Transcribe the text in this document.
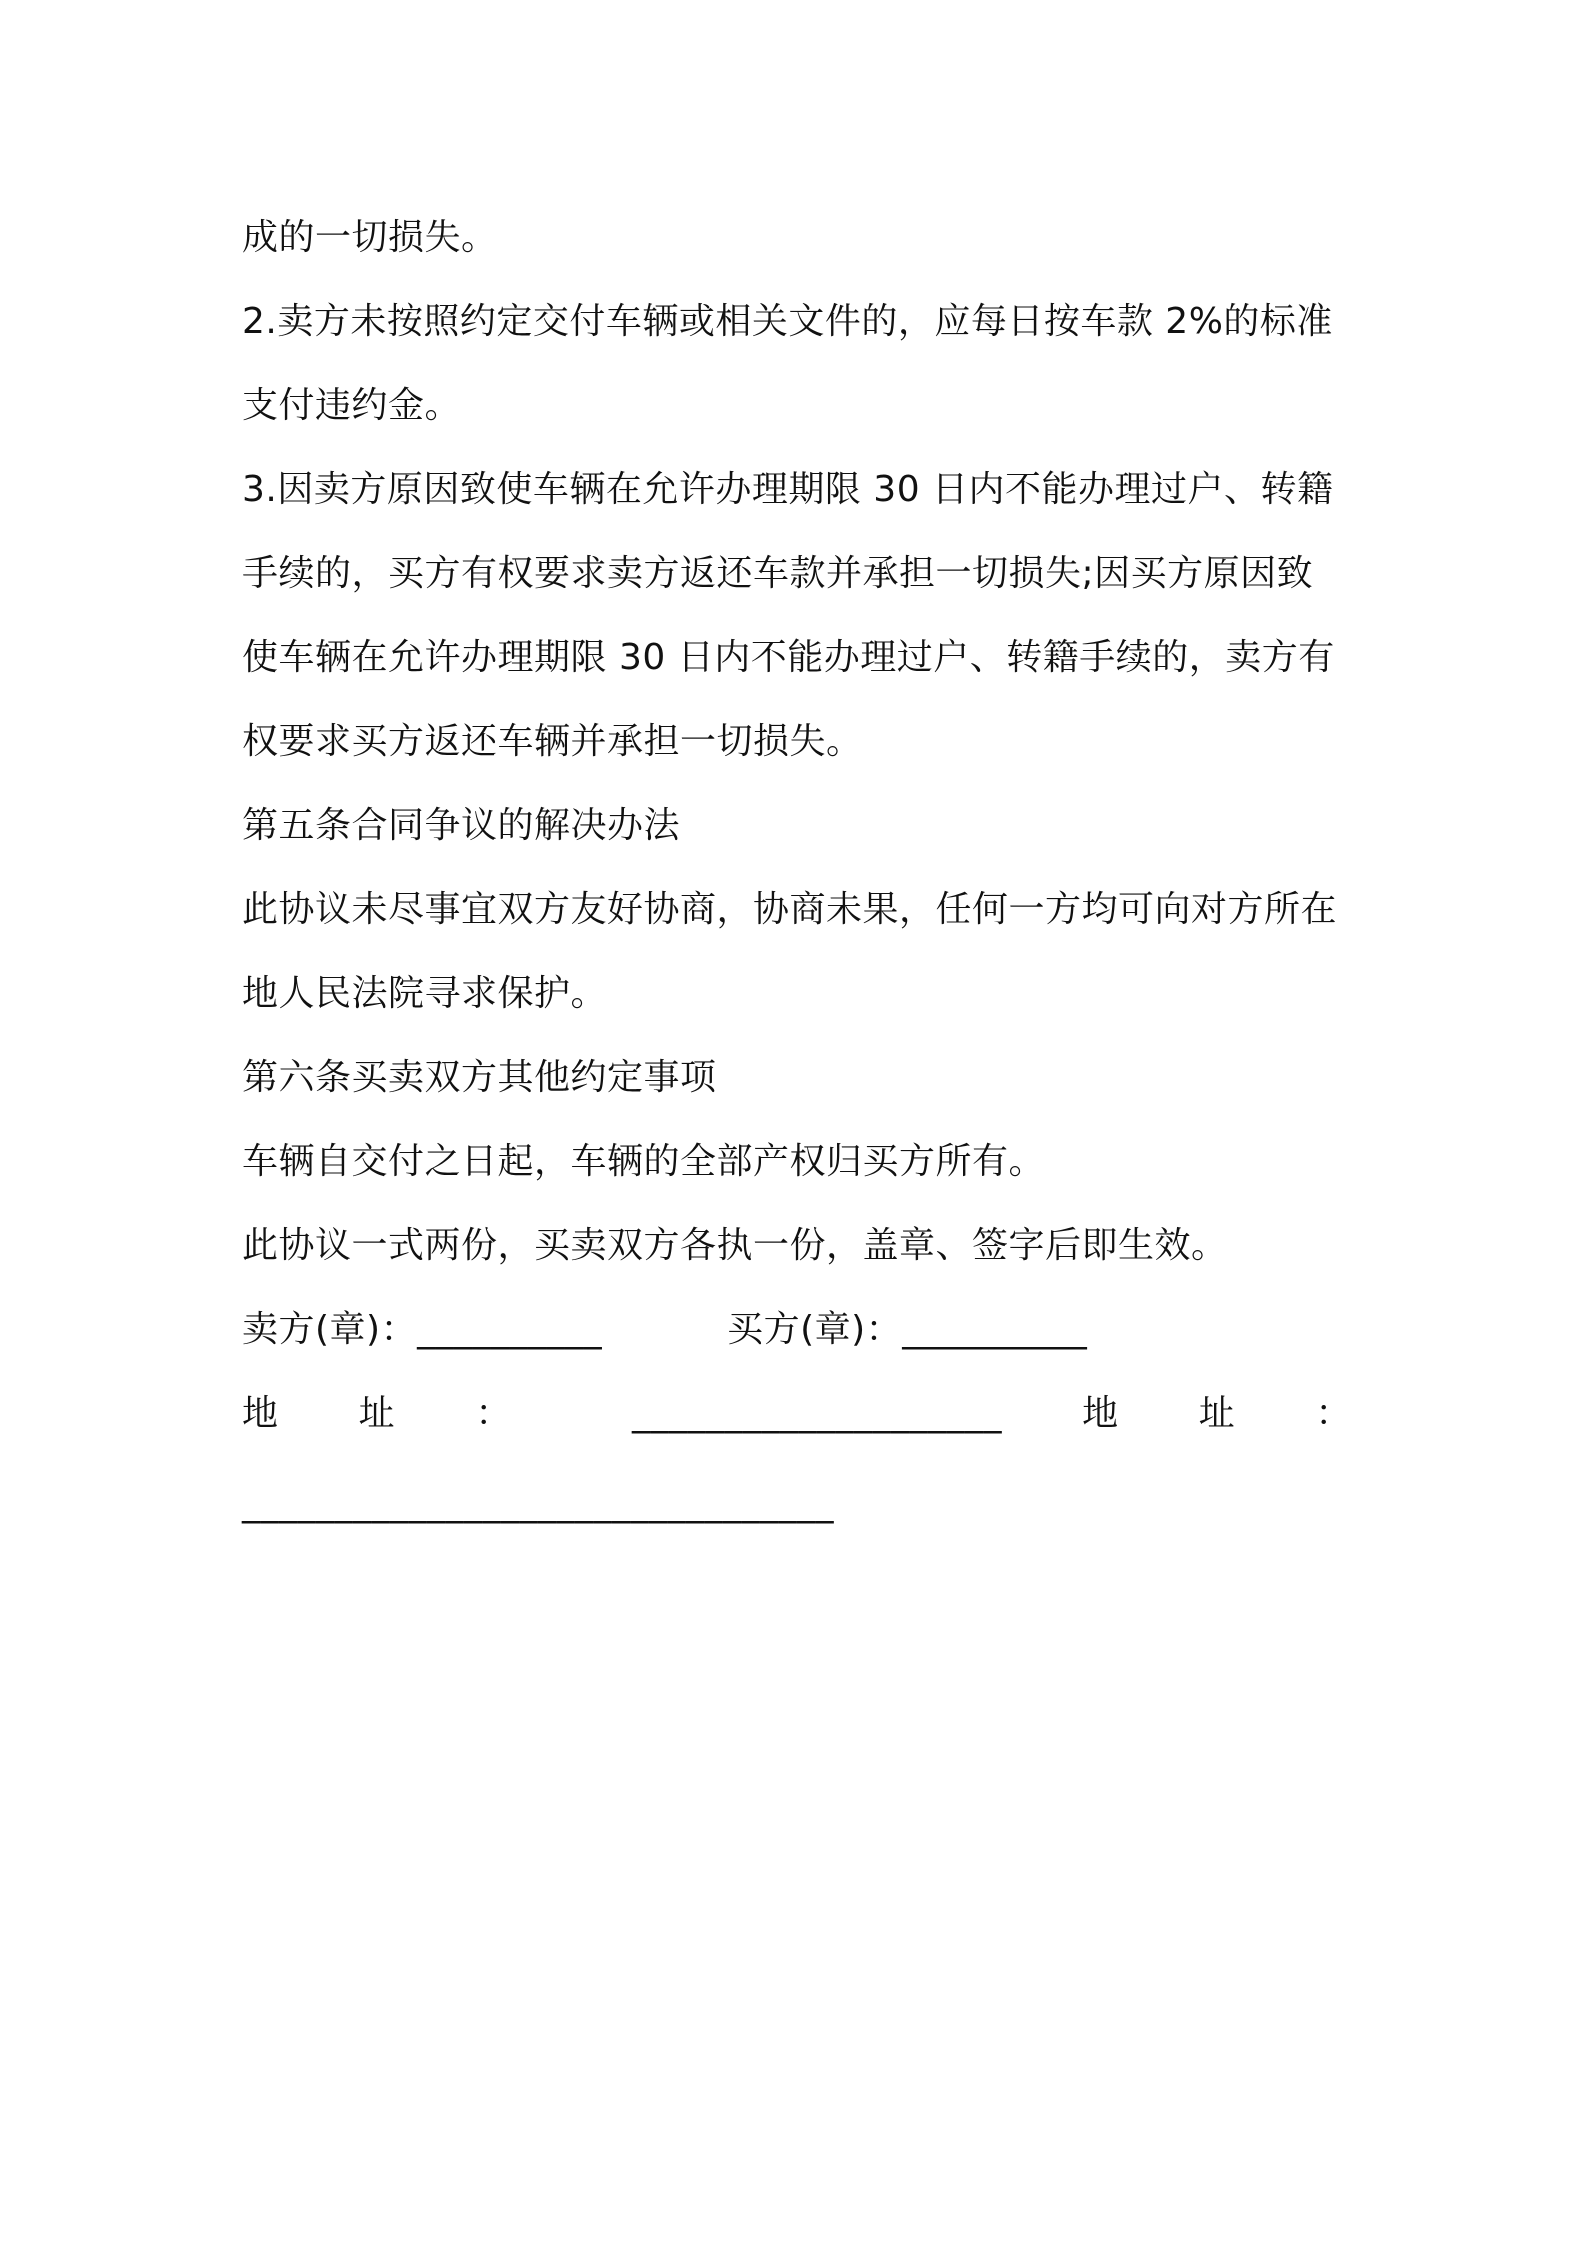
成的一切损失。
2.卖方未按照约定交付车辆或相关文件的，应每日按车款 2%的标准
支付违约金。
3.因卖方原因致使车辆在允许办理期限 30 日内不能办理过户、转籍
手续的，买方有权要求卖方返还车款并承担一切损失;因买方原因致
使车辆在允许办理期限 30 日内不能办理过户、转籍手续的，卖方有
权要求买方返还车辆并承担一切损失。
第五条合同争议的解决办法
此协议未尽事宜双方友好协商，协商未果，任何一方均可向对方所在
地人民法院寻求保护。
第六条买卖双方其他约定事项
车辆自交付之日起，车辆的全部产权归买方所有。
此协议一式两份，买卖双方各执一份，盖章、签字后即生效。
卖方(章)： __________	买方(章)： __________
地 址 ：	____________________ 地 址 ：
________________________________
